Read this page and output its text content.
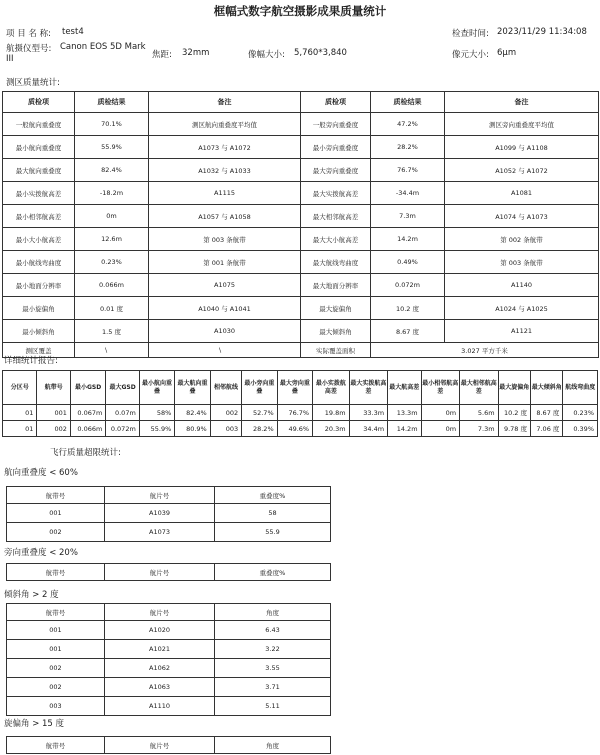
框幅式数字航空摄影成果质量统计
项 目 名 称: test4	检查时间: 2023/11/29 11:34:08
航摄仪型号: Canon EOS 5D Mark
III	焦距: 32mm	像幅大小: 5,760*3,840	像元大小: 6μm
测区质量统计:
质检项	质检结果	备注	质检项	质检结果	备注
一般航向重叠度	70.1%	测区航向重叠度平均值	一般旁向重叠度	47.2%	测区旁向重叠度平均值
最小航向重叠度	55.9%	A1073 与 A1072	最小旁向重叠度	28.2%	A1099 与 A1108
最大航向重叠度	82.4%	A1032 与 A1033	最大旁向重叠度	76.7%	A1052 与 A1072
最小实拨航高差	-18.2m	A1115	最大实拨航高差	-34.4m	A1081
最小相邻航高差	0m	A1057 与 A1058	最大相邻航高差	7.3m	A1074 与 A1073
最小大小航高差	12.6m	第 003 条航带	最大大小航高差	14.2m	第 002 条航带
最小航线弯曲度	0.23%	第 001 条航带	最大航线弯曲度	0.49%	第 003 条航带
最小地面分辨率	0.066m	A1075	最大地面分辨率	0.072m	A1140
最小旋偏角	0.01 度	A1040 与 A1041	最大旋偏角	10.2 度	A1024 与 A1025
最小倾斜角	1.5 度	A1030	最大倾斜角	8.67 度	A1121
测区覆盖	\	\	实际覆盖面积	3.027 平方千米	
详细统计报告:
分区号	航带号	最小GSD	最大GSD	最小航向重叠	最大航向重叠	相邻航线	最小旁向重叠	最大旁向重叠	最小实拨航高差	最大实拨航高差	最大航高差	最小相邻航高差	最大相邻航高差	最大旋偏角	最大倾斜角	航线弯曲度
01	001	0.067m	0.07m	58%	82.4%	002	52.7%	76.7%	19.8m	33.3m	13.3m	0m	5.6m	10.2 度	8.67 度	0.23%
01	002	0.066m	0.072m	55.9%	80.9%	003	28.2%	49.6%	20.3m	34.4m	14.2m	0m	7.3m	9.78 度	7.06 度	0.39%
飞行质量超限统计:
航向重叠度 < 60%
航带号	航片号	重叠度%
001	A1039	58
002	A1073	55.9
旁向重叠度 < 20%
航带号	航片号	重叠度%
倾斜角 > 2 度
航带号	航片号	角度
001	A1020	6.43
001	A1021	3.22
002	A1062	3.55
002	A1063	3.71
003	A1110	5.11
旋偏角 > 15 度
航带号	航片号	角度
